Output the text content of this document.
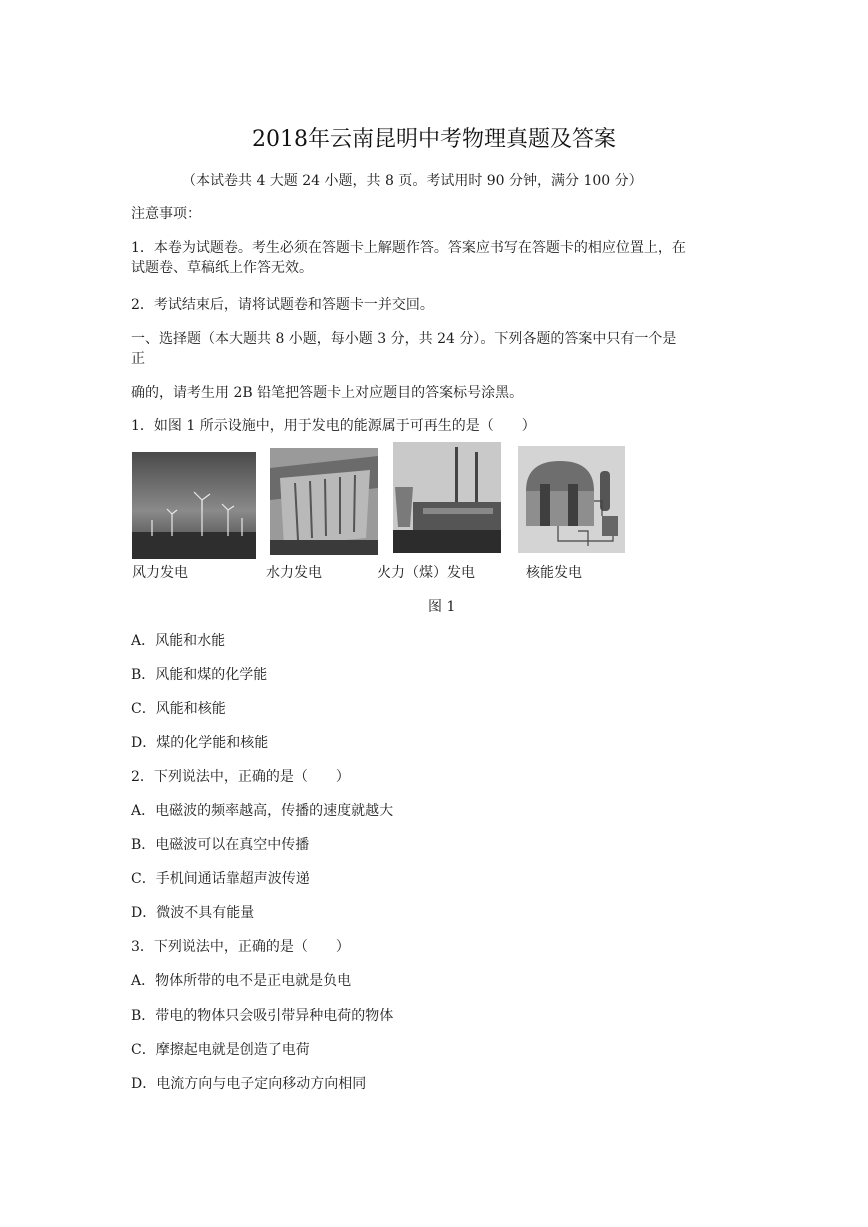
2018年云南昆明中考物理真题及答案
（本试卷共 4 大题 24 小题，共 8 页。考试用时 90 分钟，满分 100 分）
注意事项：
1．本卷为试题卷。考生必须在答题卡上解题作答。答案应书写在答题卡的相应位置上，在
试题卷、草稿纸上作答无效。
2．考试结束后，请将试题卷和答题卡一并交回。
一、选择题（本大题共 8 小题，每小题 3 分，共 24 分）。下列各题的答案中只有一个是
正
确的，请考生用 2B 铅笔把答题卡上对应题目的答案标号涂黑。
1．如图 1 所示设施中，用于发电的能源属于可再生的是（　　）
风力发电	水力发电	火力（煤）发电	核能发电
图 1
A．风能和水能
B．风能和煤的化学能
C．风能和核能
D．煤的化学能和核能
2．下列说法中，正确的是（　　）
A．电磁波的频率越高，传播的速度就越大
B．电磁波可以在真空中传播
C．手机间通话靠超声波传递
D．微波不具有能量
3．下列说法中，正确的是（　　）
A．物体所带的电不是正电就是负电
B．带电的物体只会吸引带异种电荷的物体
C．摩擦起电就是创造了电荷
D．电流方向与电子定向移动方向相同
